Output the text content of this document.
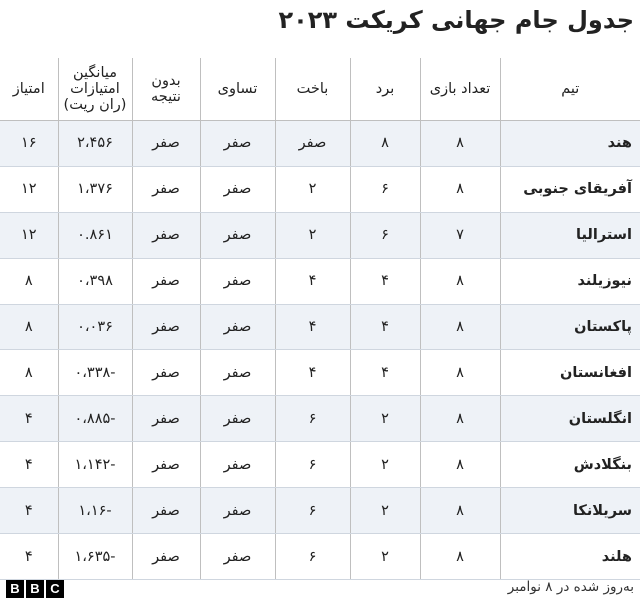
جدول جام جهانی کریکت ۲۰۲۳
تیم	تعداد بازی	برد	باخت	تساوی	بدون نتیجه	میانگین امتیازات (ران ریت)	امتیاز
هند	۸	۸	صفر	صفر	صفر	۲،۴۵۶	۱۶
آفریقای جنوبی	۸	۶	۲	صفر	صفر	۱،۳۷۶	۱۲
استرالیا	۷	۶	۲	صفر	صفر	۰.۸۶۱	۱۲
نیوزیلند	۸	۴	۴	صفر	صفر	۰،۳۹۸	۸
پاکستان	۸	۴	۴	صفر	صفر	۰،۰۳۶	۸
افغانستان	۸	۴	۴	صفر	صفر	-۰،۳۳۸	۸
انگلستان	۸	۲	۶	صفر	صفر	-۰،۸۸۵	۴
بنگلادش	۸	۲	۶	صفر	صفر	-۱،۱۴۲	۴
سریلانکا	۸	۲	۶	صفر	صفر	-۱،۱۶	۴
هلند	۸	۲	۶	صفر	صفر	-۱،۶۳۵	۴
B B C	به‌روز شده در ۸ نوامبر
